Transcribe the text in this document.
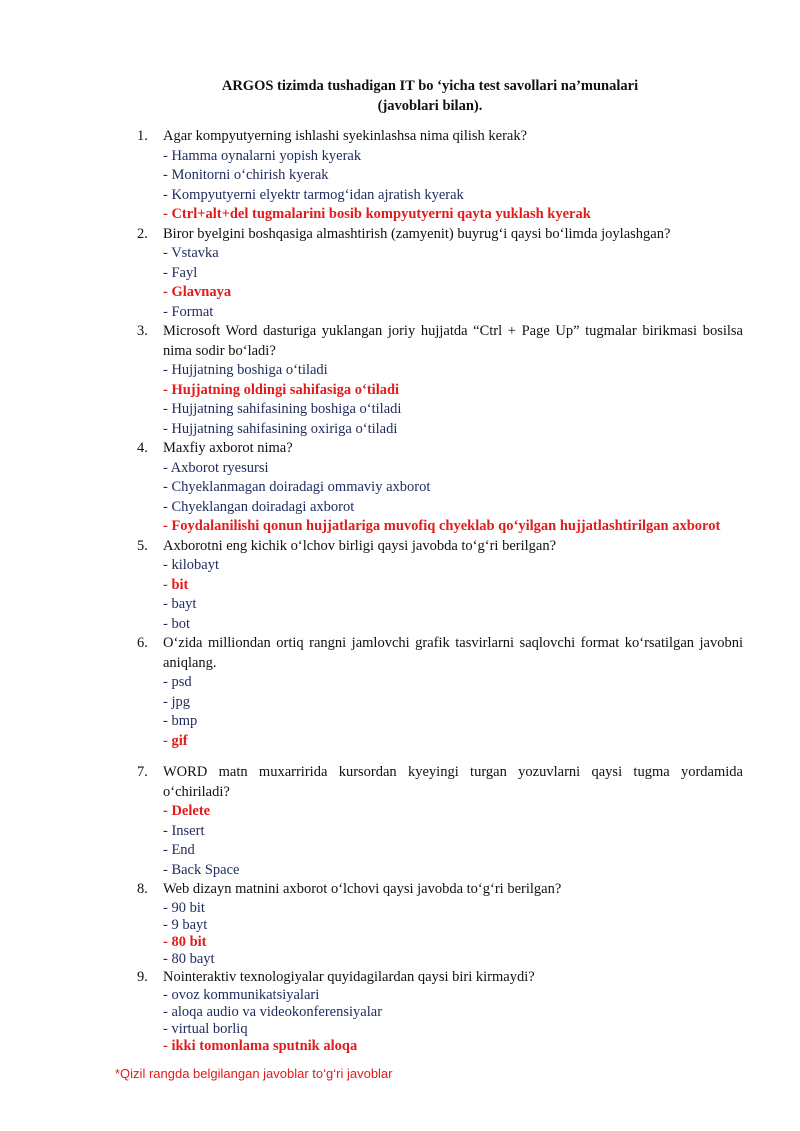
ARGOS tizimda tushadigan IT bo ‘yicha test savollari na’munalari
(javoblari bilan).
1.	Agar kompyutyerning ishlashi syekinlashsa nima qilish kerak?
- Hamma oynalarni yopish kyerak
- Monitorni o‘chirish kyerak
- Kompyutyerni elyektr tarmog‘idan ajratish kyerak
- Ctrl+alt+del tugmalarini bosib kompyutyerni qayta yuklash kyerak
2.	Biror byelgini boshqasiga almashtirish (zamyenit) buyrug‘i qaysi bo‘limda joylashgan?
- Vstavka
- Fayl
- Glavnaya
- Format
3.	Microsoft Word dasturiga yuklangan joriy hujjatda “Ctrl + Page Up” tugmalar birikmasi bosilsa nima sodir bo‘ladi?
- Hujjatning boshiga o‘tiladi
- Hujjatning oldingi sahifasiga o‘tiladi
- Hujjatning sahifasining boshiga o‘tiladi
- Hujjatning sahifasining oxiriga o‘tiladi
4.	Maxfiy axborot nima?
- Axborot ryesursi
- Chyeklanmagan doiradagi ommaviy axborot
- Chyeklangan doiradagi axborot
- Foydalanilishi qonun hujjatlariga muvofiq chyeklab qo‘yilgan hujjatlashtirilgan axborot
5.	Axborotni eng kichik o‘lchov birligi qaysi javobda to‘g‘ri berilgan?
- kilobayt
- bit
- bayt
- bot
6.	O‘zida milliondan ortiq rangni jamlovchi grafik tasvirlarni saqlovchi format ko‘rsatilgan javobni aniqlang.
- psd
- jpg
- bmp
- gif
7.	WORD matn muxarririda kursordan kyeyingi turgan yozuvlarni qaysi tugma yordamida o‘chiriladi?
- Delete
- Insert
- End
- Back Space
8.	Web dizayn matnini axborot o‘lchovi qaysi javobda to‘g‘ri berilgan?
- 90 bit
- 9 bayt
- 80 bit
- 80 bayt
9.	Nointeraktiv texnologiyalar quyidagilardan qaysi biri kirmaydi?
- ovoz kommunikatsiyalari
- aloqa audio va videokonferensiyalar
- virtual borliq
- ikki tomonlama sputnik aloqa
*Qizil rangda belgilangan javoblar to‘g‘ri javoblar
